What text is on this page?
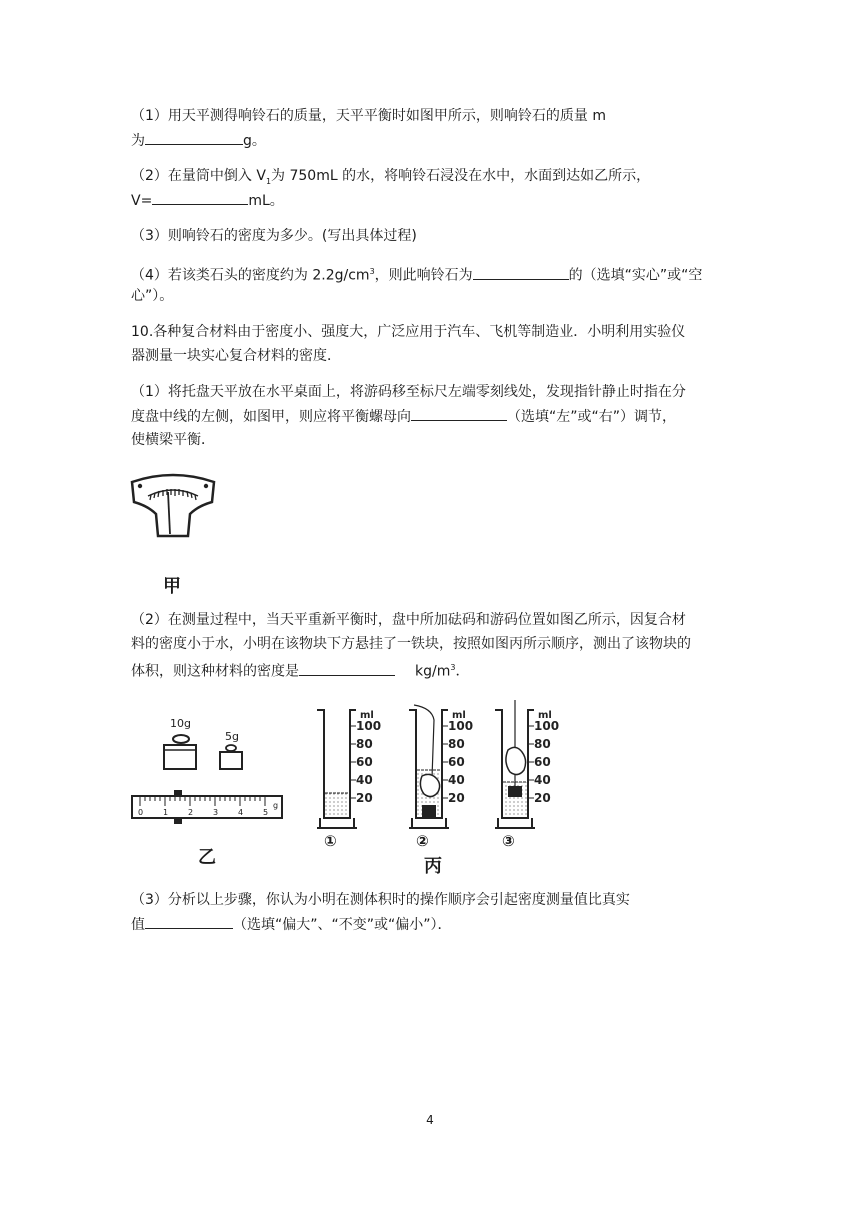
（1）用天平测得响铃石的质量，天平平衡时如图甲所示，则响铃石的质量 m
为	g。
（2）在量筒中倒入 $V_1$为 750mL 的水，将响铃石浸没在水中，水面到达如乙所示，
V=	mL。
（3）则响铃石的密度为多少。(写出具体过程)
（4）若该类石头的密度约为 $2.2g/cm^3$，则此响铃石为	的（选填“实心”或“空
心”）。
10.各种复合材料由于密度小、强度大，广泛应用于汽车、飞机等制造业．小明利用实验仪
器测量一块实心复合材料的密度．
（1）将托盘天平放在水平桌面上，将游码移至标尺左端零刻线处，发现指针静止时指在分
度盘中线的左侧，如图甲，则应将平衡螺母向	（选填“左”或“右”）调节，
使横梁平衡．
甲
（2）在测量过程中，当天平重新平衡时，盘中所加砝码和游码位置如图乙所示，因复合材
料的密度小于水，小明在该物块下方悬挂了一铁块，按照如图丙所示顺序，测出了该物块的
体积，则这种材料的密度是	$kg/m^3$．
10g
5g
0 1 2 3 4 5
g
乙
ml
100
80
60
40
20
ml
100
80
60
40
20
ml
100
80
60
40
20
①	②	③
丙
（3）分析以上步骤，你认为小明在测体积时的操作顺序会引起密度测量值比真实
值	（选填“偏大”、“不变”或“偏小”）．
4
